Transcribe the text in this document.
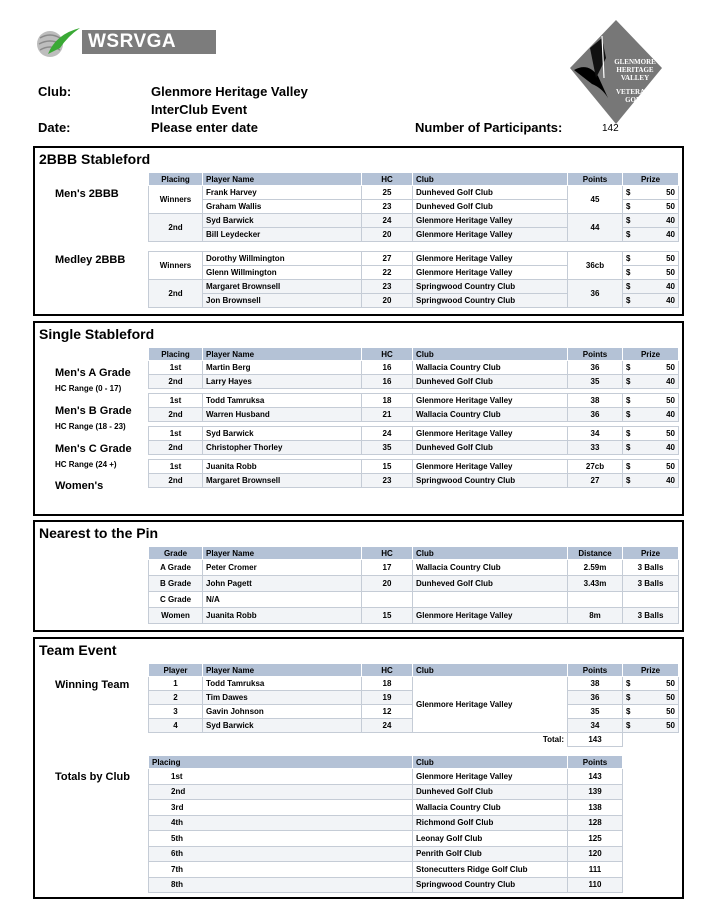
WSRVGA
GLENMORE
HERITAGE
VALLEY
VETERANS
GOLF
Club:	Glenmore Heritage Valley
InterClub Event
Date:	Please enter date	Number of Participants:	142
2BBB Stableford
Men's 2BBB
Medley 2BBB
Placing	Player Name	HC	Club	Points	Prize
Winners	Frank Harvey	25	Dunheved Golf Club	45	$ 50

	Graham Wallis	23	Dunheved Golf Club		$ 50

2nd	Syd Barwick	24	Glenmore Heritage Valley	44	$ 40

	Bill Leydecker	20	Glenmore Heritage Valley		$ 40

Winners	Dorothy Willmington	27	Glenmore Heritage Valley	36cb	$ 50

	Glenn Willmington	22	Glenmore Heritage Valley		$ 50

2nd	Margaret Brownsell	23	Springwood Country Club	36	$ 40

	Jon Brownsell	20	Springwood Country Club		$ 40
Single Stableford
Men's A Grade
HC Range (0 - 17)
Men's B Grade
HC Range (18 - 23)
Men's C Grade
HC Range (24 +)
Women's
Placing	Player Name	HC	Club	Points	Prize
1st	Martin Berg	16	Wallacia Country Club	36	$ 50

2nd	Larry Hayes	16	Dunheved Golf Club	35	$ 40

1st	Todd Tamruksa	18	Glenmore Heritage Valley	38	$ 50

2nd	Warren Husband	21	Wallacia Country Club	36	$ 40

1st	Syd Barwick	24	Glenmore Heritage Valley	34	$ 50

2nd	Christopher Thorley	35	Dunheved Golf Club	33	$ 40

1st	Juanita Robb	15	Glenmore Heritage Valley	27cb	$ 50

2nd	Margaret Brownsell	23	Springwood Country Club	27	$ 40
Nearest to the Pin
Grade	Player Name	HC	Club	Distance	Prize
A Grade	Peter Cromer	17	Wallacia Country Club	2.59m	3 Balls
B Grade	John Pagett	20	Dunheved Golf Club	3.43m	3 Balls
C Grade	N/A				
Women	Juanita Robb	15	Glenmore Heritage Valley	8m	3 Balls
Team Event
Winning Team
Player	Player Name	HC	Club	Points	Prize
1	Todd Tamruksa	18	Glenmore Heritage Valley	38	$ 50

2	Tim Dawes	19		36	$ 50

3	Gavin Johnson	12		35	$ 50

4	Syd Barwick	24		34	$ 50

			Total:	143	
Totals by Club
Placing	Club	Points
1st	Glenmore Heritage Valley	143
2nd	Dunheved Golf Club	139
3rd	Wallacia Country Club	138
4th	Richmond Golf Club	128
5th	Leonay Golf Club	125
6th	Penrith Golf Club	120
7th	Stonecutters Ridge Golf Club	111
8th	Springwood Country Club	110
